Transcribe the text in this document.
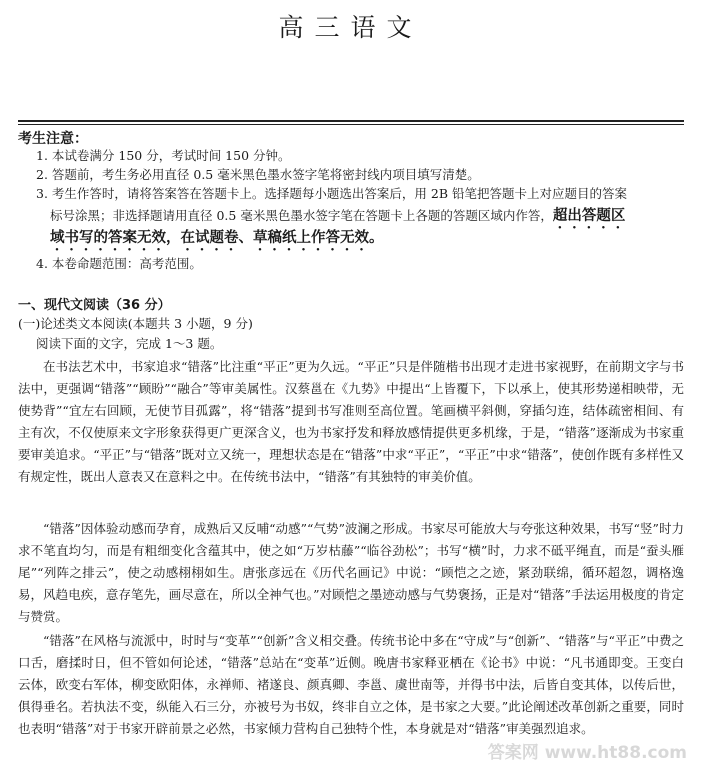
高三语文
考生注意：
1. 本试卷满分 150 分，考试时间 150 分钟。
2. 答题前，考生务必用直径 0.5 毫米黑色墨水签字笔将密封线内项目填写清楚。
3. 考生作答时，请将答案答在答题卡上。选择题每小题选出答案后，用 2B 铅笔把答题卡上对应题目的答案
标号涂黑；非选择题请用直径 0.5 毫米黑色墨水签字笔在答题卡上各题的答题区域内作答，超出答题区
域书写的答案无效，在试题卷、草稿纸上作答无效。
4. 本卷命题范围：高考范围。
一、现代文阅读（36 分）
(一)论述类文本阅读(本题共 3 小题，9 分)
阅读下面的文字，完成 1～3 题。

在书法艺术中，书家追求“错落”比注重“平正”更为久远。“平正”只是伴随楷书出现才走进书家视野，在前期文字与书法中，更强调“错落”“顾盼”“融合”等审美属性。汉蔡邕在《九势》中提出“上皆覆下，下以承上，使其形势递相映带，无使势背”“宜左右回顾，无使节目孤露”，将“错落”提到书写准则至高位置。笔画横平斜侧，穿插匀连，结体疏密相间、有主有次，不仅使原来文字形象获得更广更深含义，也为书家抒发和释放感情提供更多机缘，于是，“错落”逐渐成为书家重要审美追求。“平正”与“错落”既对立又统一，理想状态是在“错落”中求“平正”，“平正”中求“错落”，使创作既有多样性又有规定性，既出人意表又在意料之中。在传统书法中，“错落”有其独特的审美价值。

“错落”因体验动感而孕育，成熟后又反哺“动感”“气势”波澜之形成。书家尽可能放大与夸张这种效果，书写“竖”时力求不笔直均匀，而是有粗细变化含蕴其中，使之如“万岁枯藤”“临谷劲松”；书写“横”时，力求不砥平绳直，而是“蚕头雁尾”“列阵之排云”，使之动感栩栩如生。唐张彦远在《历代名画记》中说：“顾恺之之迹，紧劲联绵，循环超忽，调格逸易，风趋电疾，意存笔先，画尽意在，所以全神气也。”对顾恺之墨迹动感与气势褒扬，正是对“错落”手法运用极度的肯定与赞赏。

“错落”在风格与流派中，时时与“变革”“创新”含义相交叠。传统书论中多在“守成”与“创新”、“错落”与“平正”中费之口舌，磨揉时日，但不管如何论述，“错落”总站在“变革”近侧。晚唐书家释亚栖在《论书》中说：“凡书通即变。王变白云体，欧变右军体，柳变欧阳体，永禅师、褚遂良、颜真卿、李邕、虞世南等，并得书中法，后皆自变其体，以传后世，俱得垂名。若执法不变，纵能入石三分，亦被号为书奴，终非自立之体，是书家之大要。”此论阐述改革创新之重要，同时也表明“错落”对于书家开辟前景之必然，书家倾力营构自己独特个性，本身就是对“错落”审美强烈追求。

答案网 www.ht88.com
